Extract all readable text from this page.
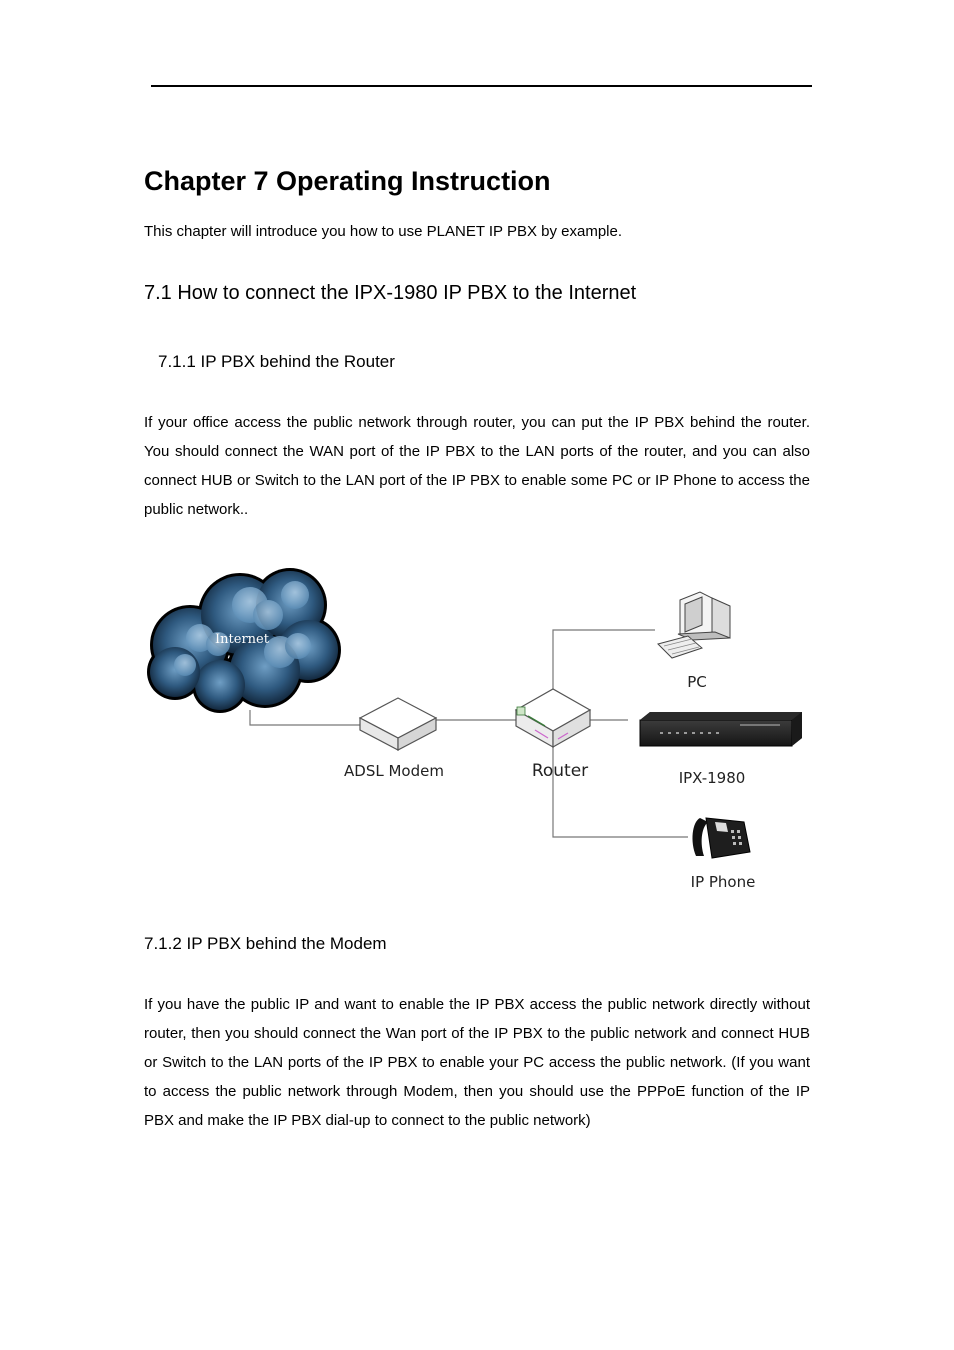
Chapter 7 Operating Instruction

This chapter will introduce you how to use PLANET IP PBX by example.

7.1 How to connect the IPX-1980 IP PBX to the Internet
7.1.1 IP PBX behind the Router

If your office access the public network through router, you can put the IP PBX behind the router. You should connect the WAN port of the IP PBX to the LAN ports of the router, and you can also connect HUB or Switch to the LAN port of the IP PBX to enable some PC or IP Phone to access the public network..

Internet
ADSL Modem	Router
PC
IPX-1980
IP Phone
7.1.2 IP PBX behind the Modem

If you have the public IP and want to enable the IP PBX access the public network directly without router, then you should connect the Wan port of the IP PBX to the public network and connect HUB or Switch to the LAN ports of the IP PBX to enable your PC access the public network. (If you want to access the public network through Modem, then you should use the PPPoE function of the IP PBX and make the IP PBX dial-up to connect to the public network)
